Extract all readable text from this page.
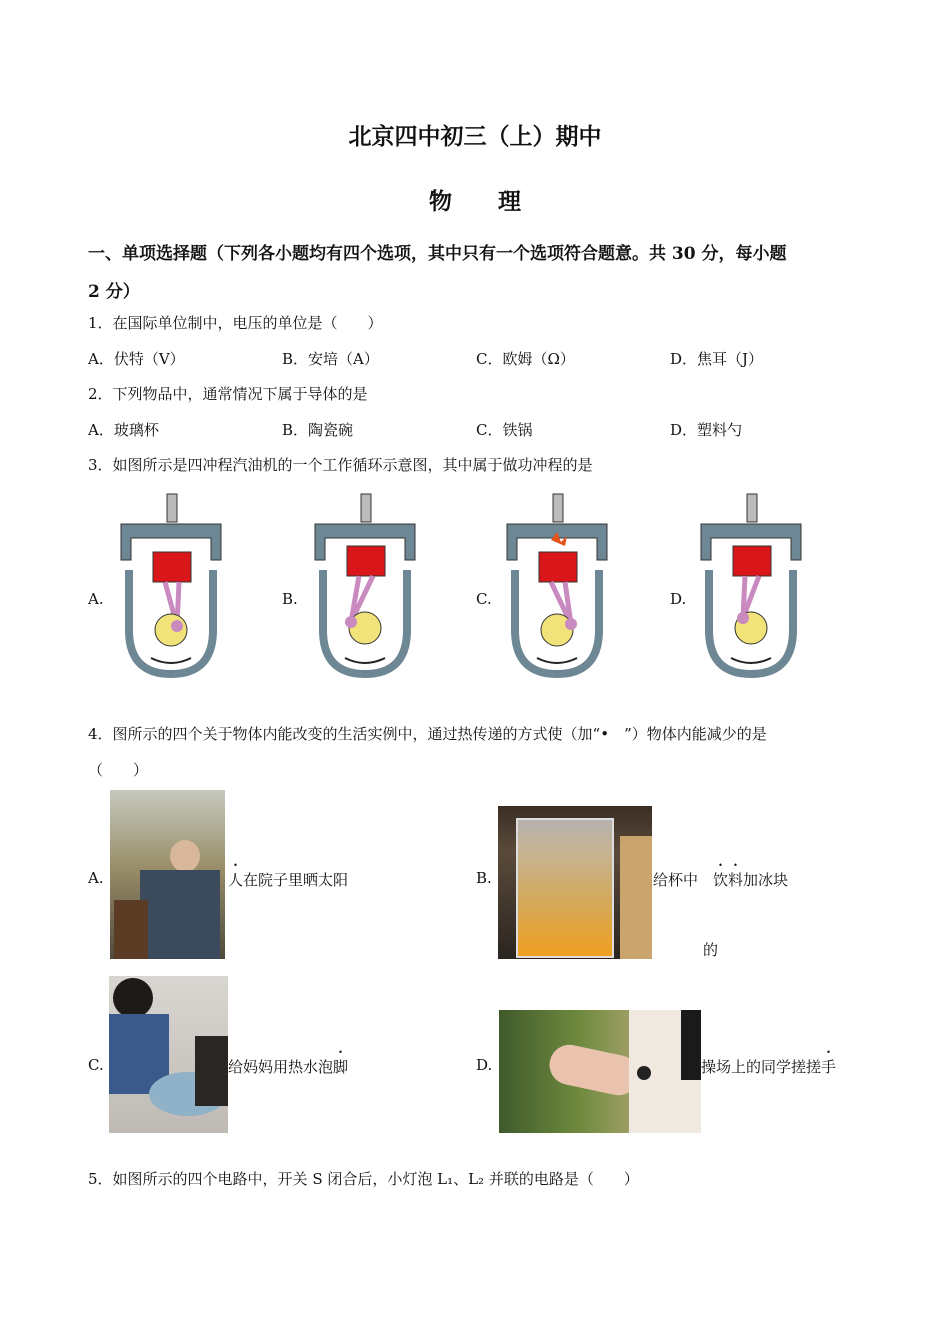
北京四中初三（上）期中
物　　理
一、单项选择题（下列各小题均有四个选项，其中只有一个选项符合题意。共 30 分，每小题
2 分）
1．在国际单位制中，电压的单位是（　　）
A．伏特（V）	B．安培（A）	C．欧姆（Ω）	D．焦耳（J）
2．下列物品中，通常情况下属于导体的是
A．玻璃杯	B．陶瓷碗	C．铁锅	D．塑料勺
3．如图所示是四冲程汽油机的一个工作循环示意图，其中属于做功冲程的是
A.	B.	C.	D.
4．图所示的四个关于物体内能改变的生活实例中，通过热传递的方式使（加“•　”）物体内能减少的是
（　　）
A.	人在院子里晒太阳	B.	给杯中　饮料加冰块
的
C.	给妈妈用热水泡脚	D.	操场上的同学搓搓手
5．如图所示的四个电路中，开关 S 闭合后，小灯泡 L₁、L₂ 并联的电路是（　　）
